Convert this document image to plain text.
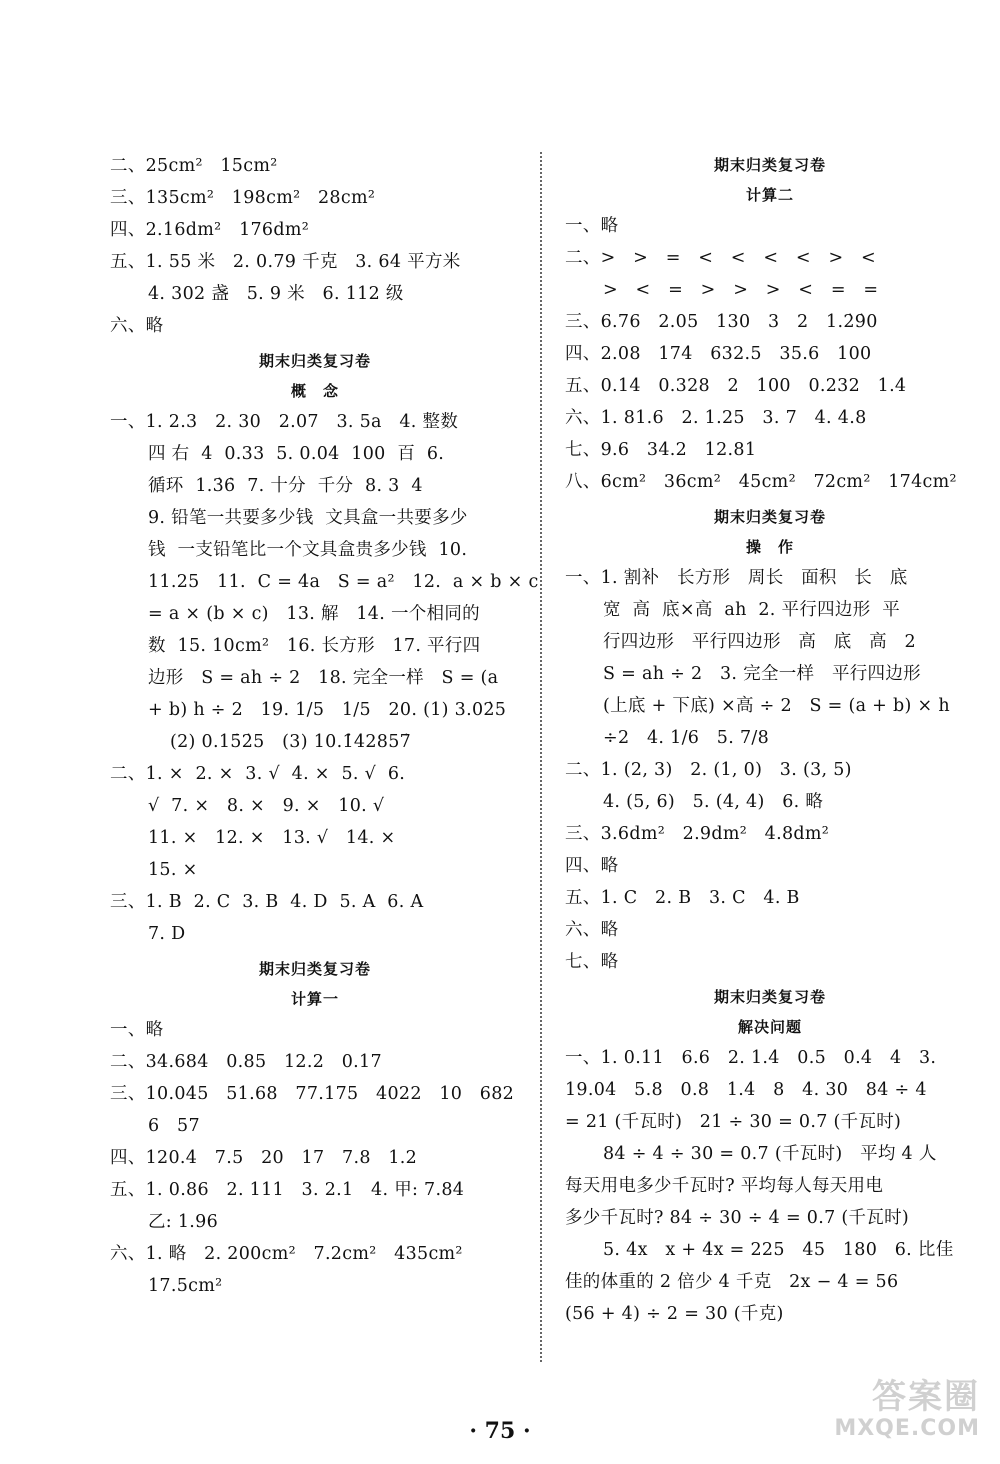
二、25cm²   15cm²
三、135cm²   198cm²   28cm²
四、2.16dm²   176dm²
五、1. 55 米   2. 0.79 千克   3. 64 平方米
4. 302 盏   5. 9 米   6. 112 级
六、略
期末归类复习卷
概　念
一、1. 2.3   2. 30   2.07   3. 5a   4. 整数
四 右  4  0.33  5. 0.04  100  百  6.
循环  1.3̇6̇  7. 十分  千分  8. 3  4
9. 铅笔一共要多少钱  文具盒一共要多少
钱  一支铅笔比一个文具盒贵多少钱  10.
11.25   11.  C = 4a   S = a²   12.  a × b × c
= a × (b × c)   13. 解   14. 一个相同的
数  15. 10cm²   16. 长方形   17. 平行四
边形   S = ah ÷ 2   18. 完全一样   S = (a
+ b) h ÷ 2   19. 1/5   1/5   20. (1) 3.02̇5
(2) 0.15̇2̇5   (3) 10.1̇42857̇
二、1. ×  2. ×  3. √  4. ×  5. √  6.
√  7. ×   8. ×   9. ×   10. √
11. ×   12. ×   13. √   14. ×
15. ×
三、1. B  2. C  3. B  4. D  5. A  6. A
7. D
期末归类复习卷
计算一
一、略
二、34.684   0.85   12.2   0.17
三、10.045   51.68   77.175   4022   10   682
6   57
四、120.4   7.5   20   17   7.8   1.2
五、1. 0.86   2. 111   3. 2.1   4. 甲: 7.84
乙: 1.96
六、1. 略   2. 200cm²   7.2cm²   435cm²
17.5cm²
期末归类复习卷
计算二
一、略
二、>   >   =   <   <   <   <   >   <
>   <   =   >   >   >   <   =   =
三、6.76   2.05   130   3   2   1.2̇9̇0
四、2.08   174   632.5   35.6   100
五、0.14   0.328   2   100   0.232   1.4
六、1. 81.6   2. 1.25   3. 7   4. 4.8
七、9.6   34.2   12.81
八、6cm²   36cm²   45cm²   72cm²   174cm²
期末归类复习卷
操　作
一、1. 割补   长方形   周长   面积   长   底
宽  高  底×高  ah  2. 平行四边形  平
行四边形   平行四边形   高   底   高   2
S = ah ÷ 2   3. 完全一样   平行四边形
(上底 + 下底) ×高 ÷ 2   S = (a + b) × h
÷2   4. 1/6   5. 7/8
二、1. (2, 3)   2. (1, 0)   3. (3, 5)
4. (5, 6)   5. (4, 4)   6. 略
三、3.6dm²   2.9dm²   4.8dm²
四、略
五、1. C   2. B   3. C   4. B
六、略
七、略
期末归类复习卷
解决问题
一、1. 0.11   6.6   2. 1.4   0.5   0.4   4   3.
19.04   5.8   0.8   1.4   8   4. 30   84 ÷ 4
= 21 (千瓦时)   21 ÷ 30 = 0.7 (千瓦时)
84 ÷ 4 ÷ 30 = 0.7 (千瓦时)   平均 4 人
每天用电多少千瓦时? 平均每人每天用电
多少千瓦时? 84 ÷ 30 ÷ 4 = 0.7 (千瓦时)
5. 4x   x + 4x = 225   45   180   6. 比佳
佳的体重的 2 倍少 4 千克   2x − 4 = 56
(56 + 4) ÷ 2 = 30 (千克)
· 75 ·
答案圈
MXQE.COM
